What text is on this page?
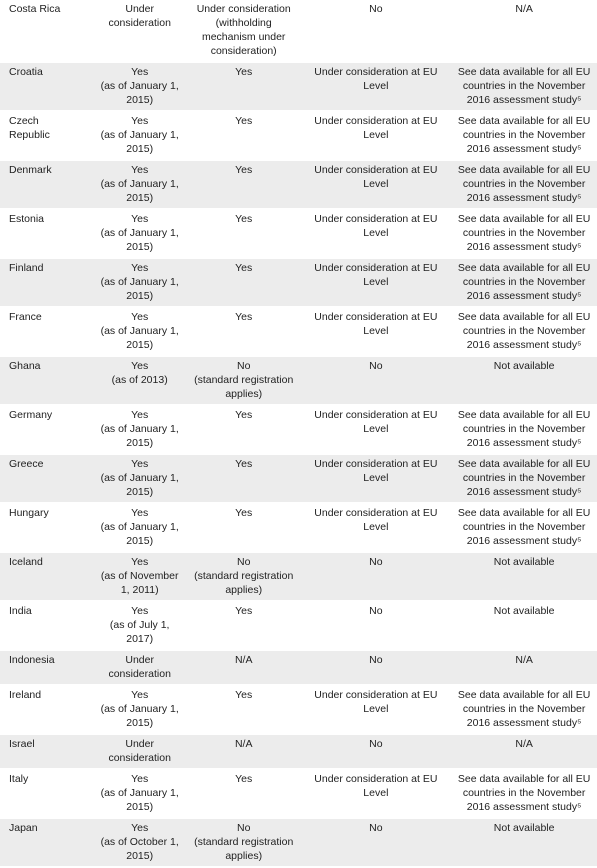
Costa Rica	Under
consideration	Under consideration
(withholding
mechanism under
consideration)	No	N/A
Croatia	Yes
(as of January 1,
2015)	Yes	Under consideration at EU
Level	See data available for all EU
countries in the November
2016 assessment study⁵
Czech
Republic	Yes
(as of January 1,
2015)	Yes	Under consideration at EU
Level	See data available for all EU
countries in the November
2016 assessment study⁵
Denmark	Yes
(as of January 1,
2015)	Yes	Under consideration at EU
Level	See data available for all EU
countries in the November
2016 assessment study⁵
Estonia	Yes
(as of January 1,
2015)	Yes	Under consideration at EU
Level	See data available for all EU
countries in the November
2016 assessment study⁵
Finland	Yes
(as of January 1,
2015)	Yes	Under consideration at EU
Level	See data available for all EU
countries in the November
2016 assessment study⁵
France	Yes
(as of January 1,
2015)	Yes	Under consideration at EU
Level	See data available for all EU
countries in the November
2016 assessment study⁵
Ghana	Yes
(as of 2013)	No
(standard registration
applies)	No	Not available
Germany	Yes
(as of January 1,
2015)	Yes	Under consideration at EU
Level	See data available for all EU
countries in the November
2016 assessment study⁵
Greece	Yes
(as of January 1,
2015)	Yes	Under consideration at EU
Level	See data available for all EU
countries in the November
2016 assessment study⁵
Hungary	Yes
(as of January 1,
2015)	Yes	Under consideration at EU
Level	See data available for all EU
countries in the November
2016 assessment study⁵
Iceland	Yes
(as of November
1, 2011)	No
(standard registration
applies)	No	Not available
India	Yes
(as of July 1,
2017)	Yes	No	Not available
Indonesia	Under
consideration	N/A	No	N/A
Ireland	Yes
(as of January 1,
2015)	Yes	Under consideration at EU
Level	See data available for all EU
countries in the November
2016 assessment study⁵
Israel	Under
consideration	N/A	No	N/A
Italy	Yes
(as of January 1,
2015)	Yes	Under consideration at EU
Level	See data available for all EU
countries in the November
2016 assessment study⁵
Japan	Yes
(as of October 1,
2015)	No
(standard registration
applies)	No	Not available
